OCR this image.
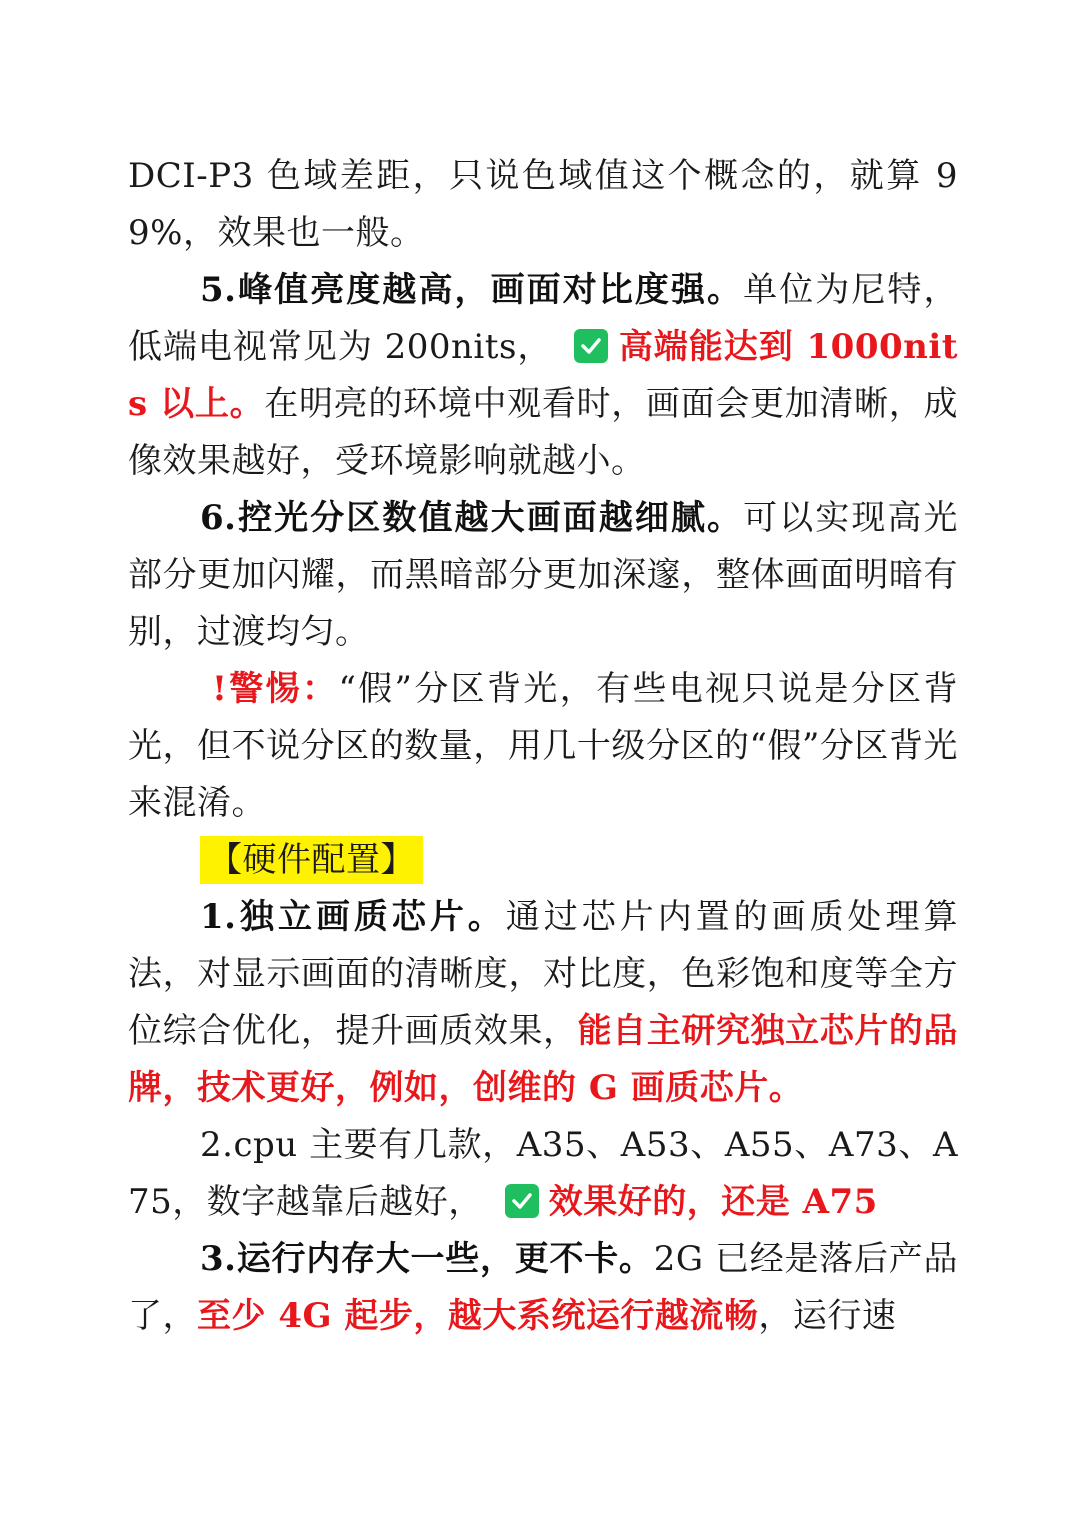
DCI-P3 色域差距，只说色域值这个概念的，就算 99%，效果也一般。

5.峰值亮度越高，画面对比度强。单位为尼特，低端电视常见为 200nits， 高端能达到 1000nits 以上。在明亮的环境中观看时，画面会更加清晰，成像效果越好，受环境影响就越小。

6.控光分区数值越大画面越细腻。可以实现高光部分更加闪耀，而黑暗部分更加深邃，整体画面明暗有别，过渡均匀。

!警惕：“假”分区背光，有些电视只说是分区背光，但不说分区的数量，用几十级分区的“假”分区背光来混淆。

【硬件配置】

1.独立画质芯片。通过芯片内置的画质处理算法，对显示画面的清晰度，对比度，色彩饱和度等全方位综合优化，提升画质效果，能自主研究独立芯片的品牌，技术更好，例如，创维的 G 画质芯片。

2.cpu 主要有几款，A35、A53、A55、A73、A75，数字越靠后越好， 效果好的，还是 A75

3.运行内存大一些，更不卡。2G 已经是落后产品了，至少 4G 起步，越大系统运行越流畅，运行速
